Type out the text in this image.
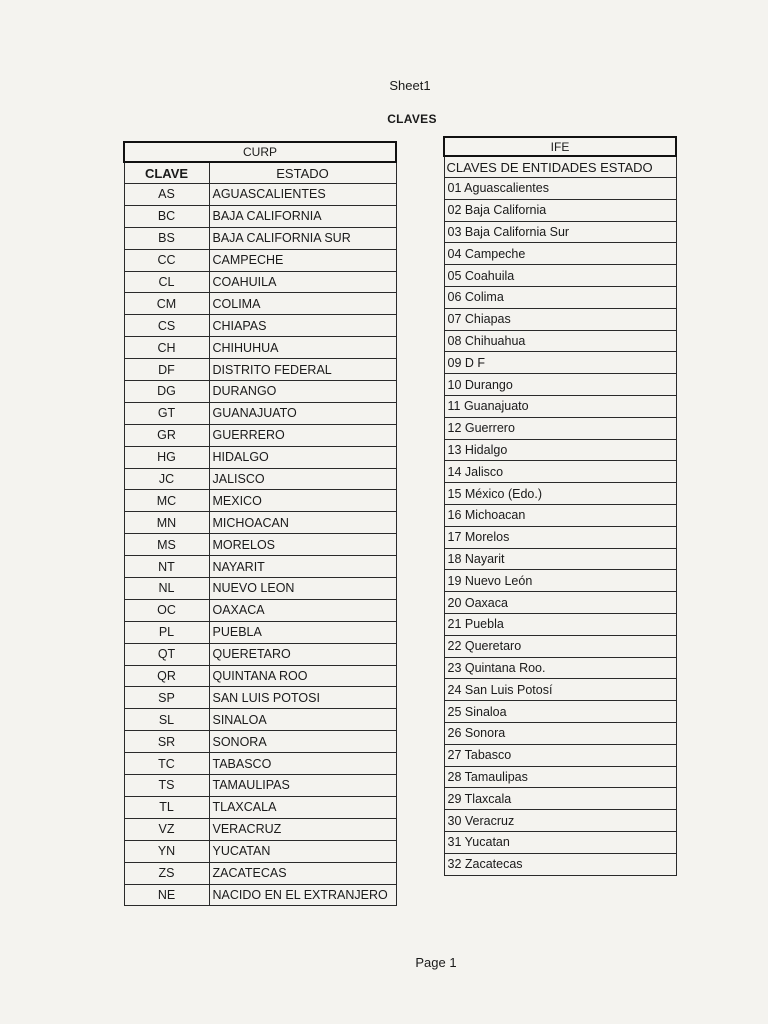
Sheet1
CLAVES
CURP	
CLAVE	ESTADO
AS	AGUASCALIENTES
BC	BAJA CALIFORNIA
BS	BAJA CALIFORNIA SUR
CC	CAMPECHE
CL	COAHUILA
CM	COLIMA
CS	CHIAPAS
CH	CHIHUHUA
DF	DISTRITO FEDERAL
DG	DURANGO
GT	GUANAJUATO
GR	GUERRERO
HG	HIDALGO
JC	JALISCO
MC	MEXICO
MN	MICHOACAN
MS	MORELOS
NT	NAYARIT
NL	NUEVO LEON
OC	OAXACA
PL	PUEBLA
QT	QUERETARO
QR	QUINTANA ROO
SP	SAN LUIS POTOSI
SL	SINALOA
SR	SONORA
TC	TABASCO
TS	TAMAULIPAS
TL	TLAXCALA
VZ	VERACRUZ
YN	YUCATAN
ZS	ZACATECAS
NE	NACIDO EN EL EXTRANJERO
IFE
CLAVES DE ENTIDADES ESTADO
01 Aguascalientes
02 Baja California
03 Baja California Sur
04 Campeche
05 Coahuila
06 Colima
07 Chiapas
08 Chihuahua
09 D F
10 Durango
11 Guanajuato
12 Guerrero
13 Hidalgo
14 Jalisco
15 México (Edo.)
16 Michoacan
17 Morelos
18 Nayarit
19 Nuevo León
20 Oaxaca
21 Puebla
22 Queretaro
23 Quintana Roo.
24 San Luis Potosí
25 Sinaloa
26 Sonora
27 Tabasco
28 Tamaulipas
29 Tlaxcala
30 Veracruz
31 Yucatan
32 Zacatecas
Page 1
